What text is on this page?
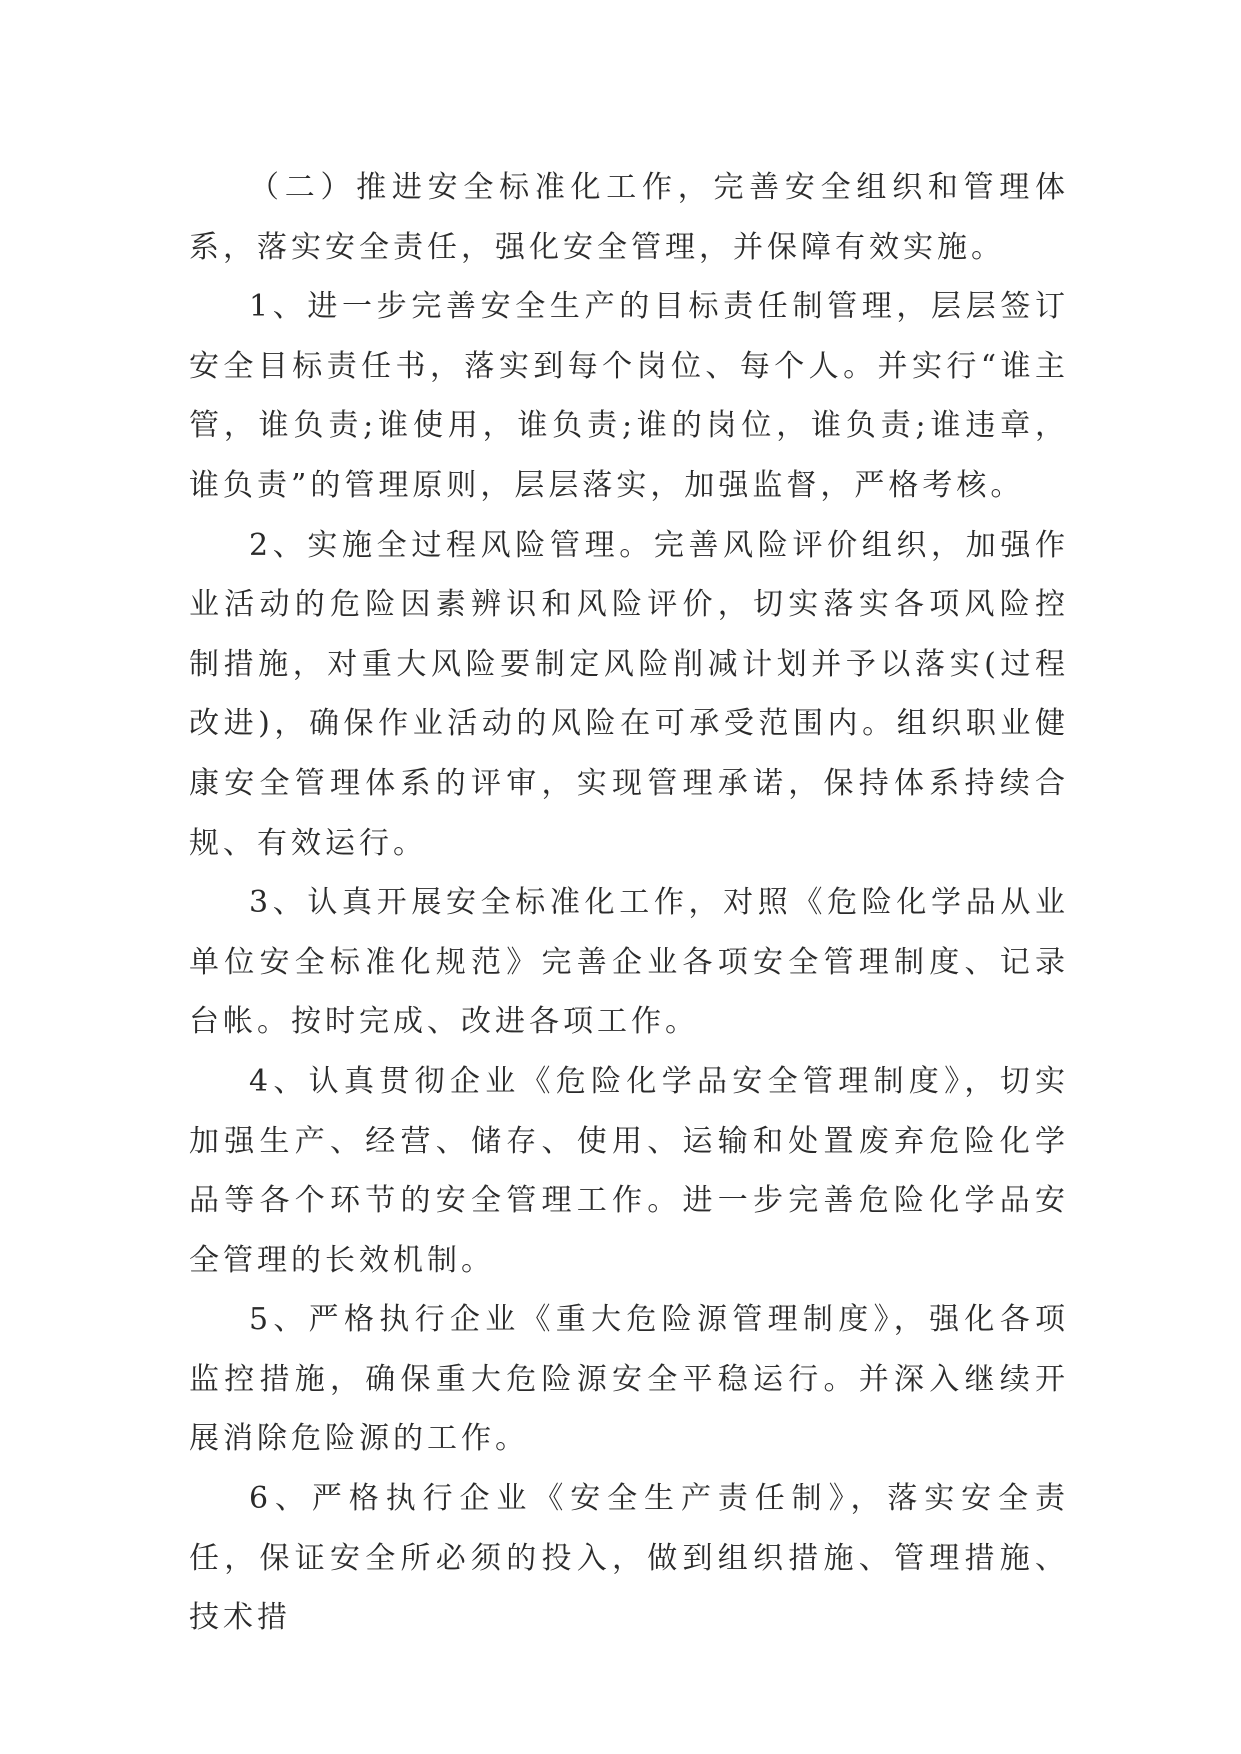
（二）推进安全标准化工作，完善安全组织和管理体系，落实安全责任，强化安全管理，并保障有效实施。

1、进一步完善安全生产的目标责任制管理，层层签订安全目标责任书，落实到每个岗位、每个人。并实行“谁主管，谁负责;谁使用，谁负责;谁的岗位，谁负责;谁违章，谁负责”的管理原则，层层落实，加强监督，严格考核。

2、实施全过程风险管理。完善风险评价组织，加强作业活动的危险因素辨识和风险评价，切实落实各项风险控制措施，对重大风险要制定风险削减计划并予以落实(过程改进)，确保作业活动的风险在可承受范围内。组织职业健康安全管理体系的评审，实现管理承诺，保持体系持续合规、有效运行。

3、认真开展安全标准化工作，对照《危险化学品从业单位安全标准化规范》完善企业各项安全管理制度、记录台帐。按时完成、改进各项工作。

4、认真贯彻企业《危险化学品安全管理制度》，切实加强生产、经营、储存、使用、运输和处置废弃危险化学品等各个环节的安全管理工作。进一步完善危险化学品安全管理的长效机制。

5、严格执行企业《重大危险源管理制度》，强化各项监控措施，确保重大危险源安全平稳运行。并深入继续开展消除危险源的工作。

6、严格执行企业《安全生产责任制》，落实安全责任，保证安全所必须的投入，做到组织措施、管理措施、技术措
